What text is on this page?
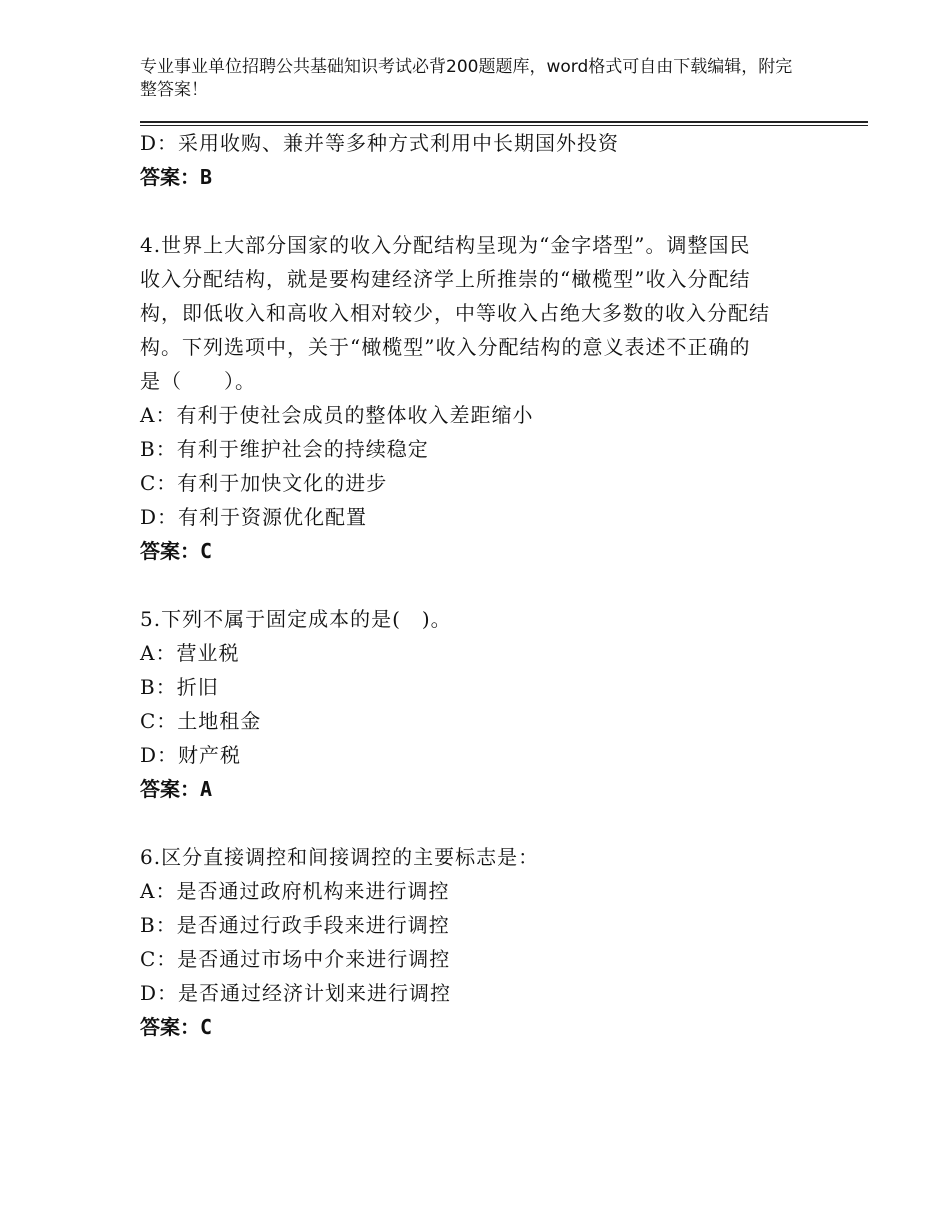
专业事业单位招聘公共基础知识考试必背200题题库，word格式可自由下载编辑，附完整答案！
D：采用收购、兼并等多种方式利用中长期国外投资
答案：B
4.世界上大部分国家的收入分配结构呈现为“金字塔型”。调整国民
收入分配结构，就是要构建经济学上所推崇的“橄榄型”收入分配结
构，即低收入和高收入相对较少，中等收入占绝大多数的收入分配结
构。下列选项中，关于“橄榄型”收入分配结构的意义表述不正确的
是（　　）。
A：有利于使社会成员的整体收入差距缩小
B：有利于维护社会的持续稳定
C：有利于加快文化的进步
D：有利于资源优化配置
答案：C
5.下列不属于固定成本的是(　)。
A：营业税
B：折旧
C：土地租金
D：财产税
答案：A
6.区分直接调控和间接调控的主要标志是：
A：是否通过政府机构来进行调控
B：是否通过行政手段来进行调控
C：是否通过市场中介来进行调控
D：是否通过经济计划来进行调控
答案：C
